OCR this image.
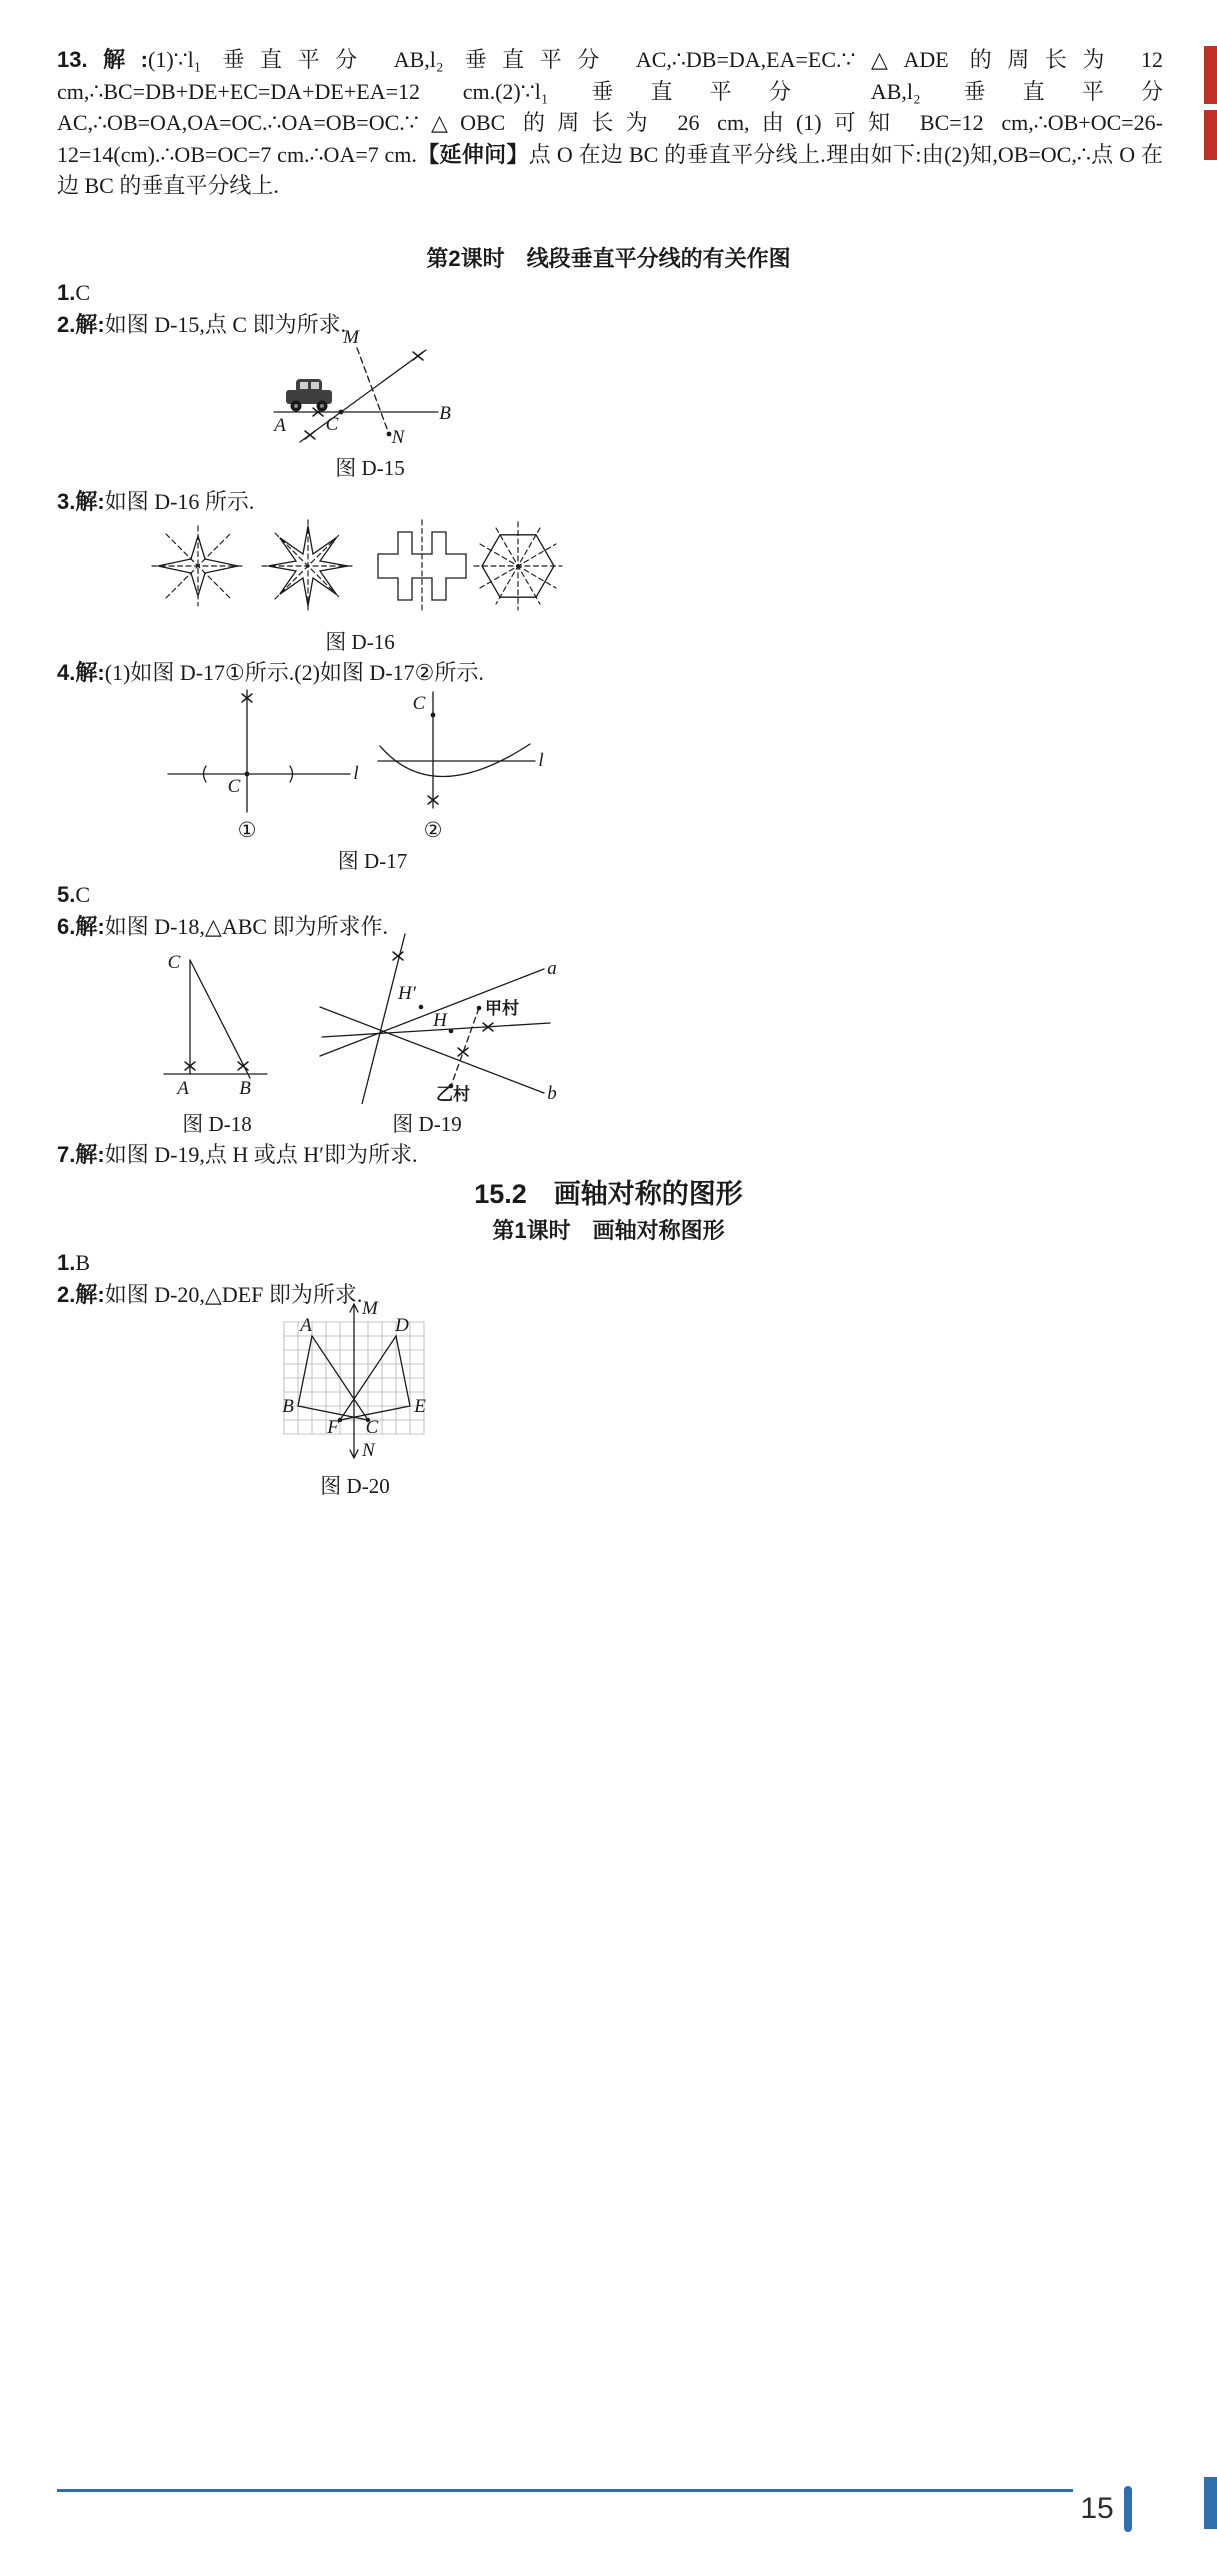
13.解:(1)∵l₁ 垂直平分 AB,l₂ 垂直平分 AC,∴DB=DA,EA=EC.∵△ADE 的周长为 12 cm,∴BC=DB+DE+EC=DA+DE+EA=12 cm.(2)∵l₁ 垂直平分 AB,l₂ 垂直平分 AC,∴OB=OA,OA=OC.∴OA=OB=OC.∵△OBC 的周长为 26 cm,由(1)可知 BC=12 cm,∴OB+OC=26-12=14(cm).∴OB=OC=7 cm.∴OA=7 cm.【延伸问】点 O 在边 BC 的垂直平分线上.理由如下:由(2)知,OB=OC,∴点 O 在边 BC 的垂直平分线上.
第2课时　线段垂直平分线的有关作图
1.C
2.解:如图 D-15,点 C 即为所求.
M
A
B
C
N
图 D-15
3.解:如图 D-16 所示.
图 D-16
4.解:(1)如图 D-17①所示.(2)如图 D-17②所示.
C
l
C
l
①	②
图 D-17
5.C
6.解:如图 D-18,△ABC 即为所求作.
C
A	B
图 D-18
a
b
H′
H
甲村
乙村
图 D-19
7.解:如图 D-19,点 H 或点 H′即为所求.
15.2　画轴对称的图形
第1课时　画轴对称图形
1.B
2.解:如图 D-20,△DEF 即为所求.
M
N
A	D
B	E
F C
图 D-20
15
